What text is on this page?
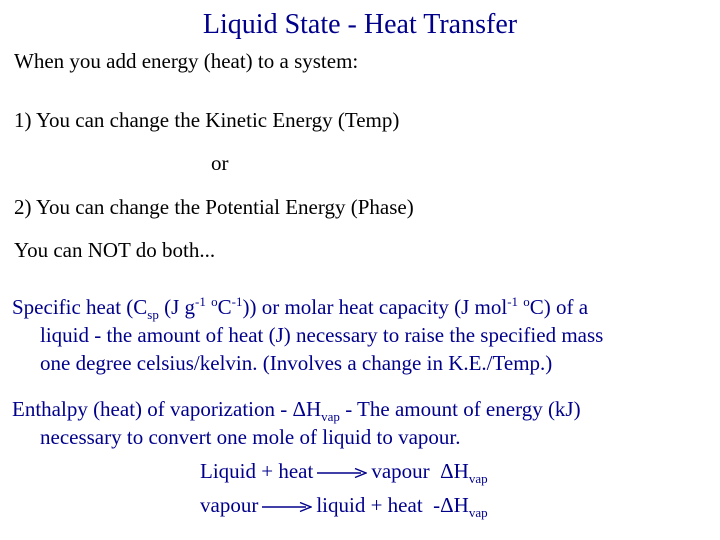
Liquid State - Heat Transfer
When you add energy (heat) to a system:
1) You can change the Kinetic Energy (Temp)
or
2) You can change the Potential Energy (Phase)
You can NOT do both...
Specific heat ($C_{sp}$ (J $g^{-1}$ $^oC^{-1}$)) or molar heat capacity (J mol$^{-1}$ $^o$C) of a
liquid - the amount of heat (J) necessary to raise the specified mass
one degree celsius/kelvin. (Involves a change in K.E./Temp.)
Enthalpy (heat) of vaporization - $\Delta H_{vap}$ - The amount of energy (kJ)
necessary to convert one mole of liquid to vapour.
Liquid + heat	vapour $\Delta H_{vap}$
vapour	liquid + heat $-\Delta H_{vap}$
